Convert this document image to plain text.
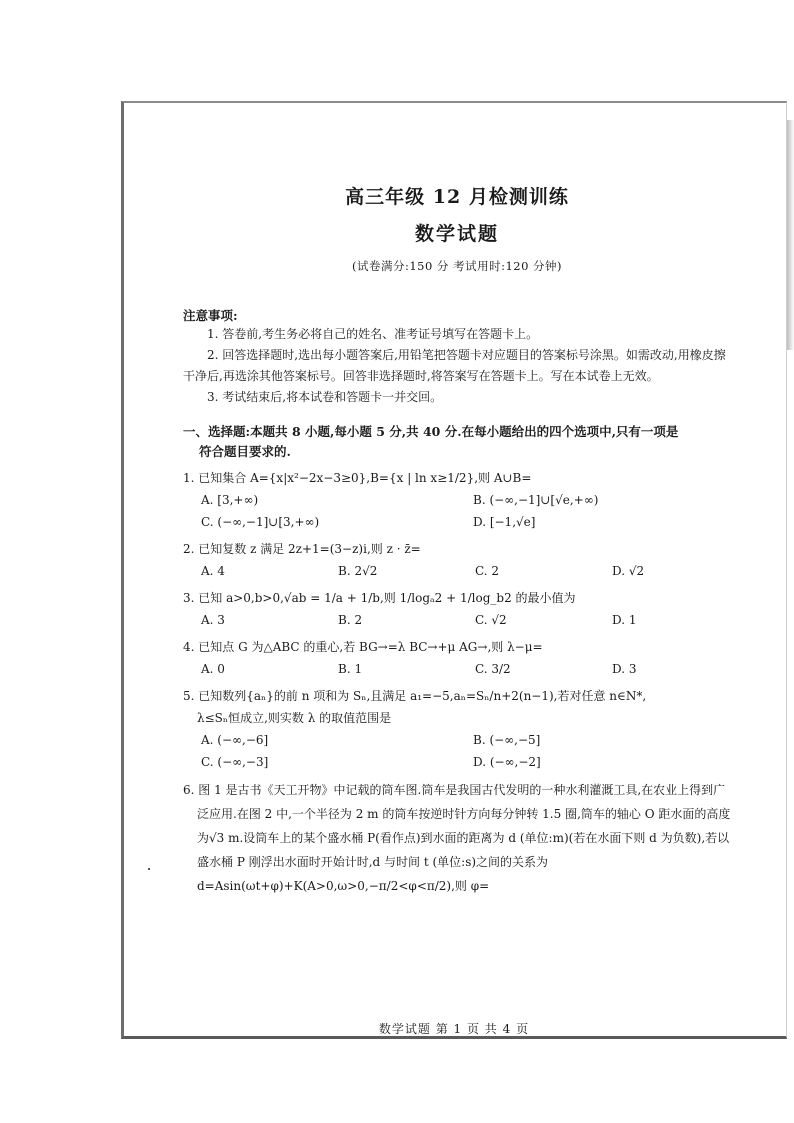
高三年级 12 月检测训练
数学试题
(试卷满分:150 分 考试用时:120 分钟)
注意事项:

1. 答卷前,考生务必将自己的姓名、准考证号填写在答题卡上。

2. 回答选择题时,选出每小题答案后,用铅笔把答题卡对应题目的答案标号涂黑。如需改动,用橡皮擦干净后,再选涂其他答案标号。回答非选择题时,将答案写在答题卡上。写在本试卷上无效。

3. 考试结束后,将本试卷和答题卡一并交回。

一、选择题:本题共 8 小题,每小题 5 分,共 40 分.在每小题给出的四个选项中,只有一项是
符合题目要求的.
1. 已知集合 A={x|x²−2x−3≥0},B={x | ln x≥1/2},则 A∪B=
A. [3,+∞)	B. (−∞,−1]∪[√e,+∞)
C. (−∞,−1]∪[3,+∞)	D. [−1,√e]
2. 已知复数 z 满足 2z+1=(3−z)i,则 z · z̄=
A. 4	B. 2√2	C. 2	D. √2
3. 已知 a>0,b>0,√ab = 1/a + 1/b,则 1/logₐ2 + 1/log_b2 的最小值为
A. 3	B. 2	C. √2	D. 1
4. 已知点 G 为△ABC 的重心,若 BG→=λ BC→+μ AG→,则 λ−μ=
A. 0	B. 1	C. 3/2	D. 3
5. 已知数列{aₙ}的前 n 项和为 Sₙ,且满足 a₁=−5,aₙ=Sₙ/n+2(n−1),若对任意 n∈N*,
λ≤Sₙ恒成立,则实数 λ 的取值范围是
A. (−∞,−6]	B. (−∞,−5]
C. (−∞,−3]	D. (−∞,−2]
6. 图 1 是古书《天工开物》中记载的筒车图.筒车是我国古代发明的一种水利灌溉工具,在农业上得到广泛应用.在图 2 中,一个半径为 2 m 的筒车按逆时针方向每分钟转 1.5 圈,筒车的轴心 O 距水面的高度为√3 m.设筒车上的某个盛水桶 P(看作点)到水面的距离为 d (单位:m)(若在水面下则 d 为负数),若以盛水桶 P 刚浮出水面时开始计时,d 与时间 t (单位:s)之间的关系为 d=Asin(ωt+φ)+K(A>0,ω>0,−π/2<φ<π/2),则 φ=
数学试题 第 1 页 共 4 页
